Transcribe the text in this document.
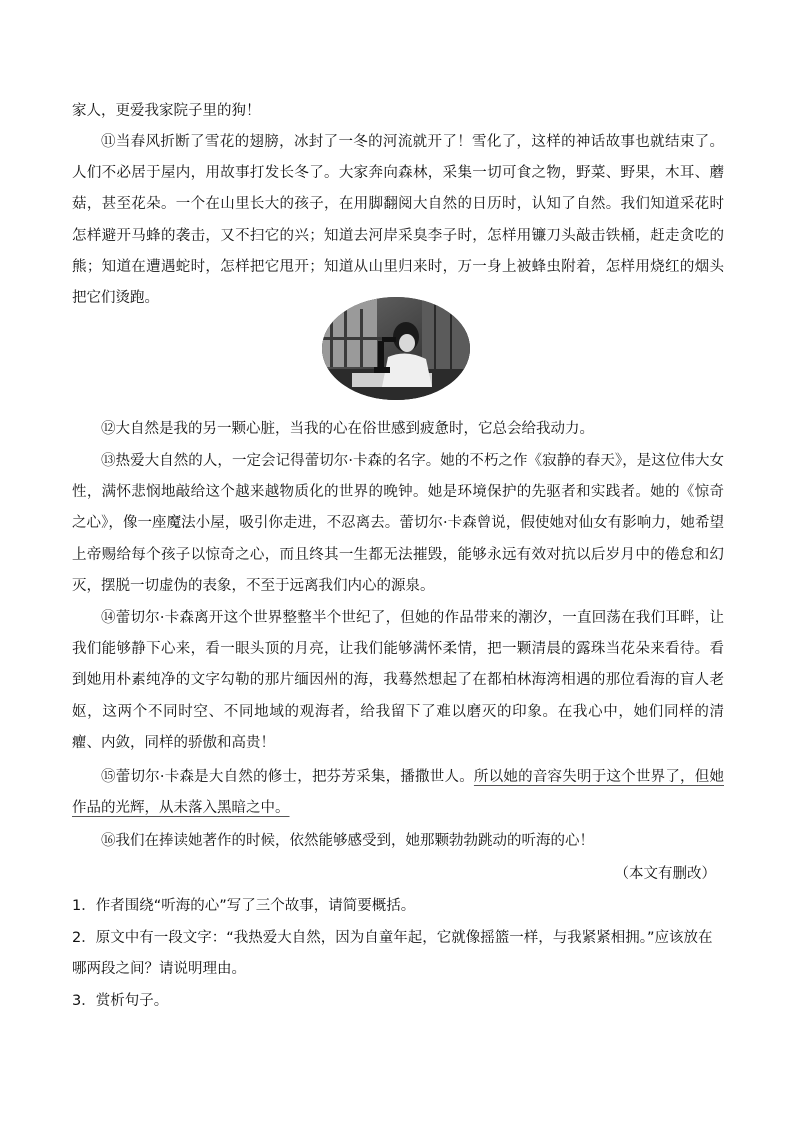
家人，更爱我家院子里的狗！

⑪当春风折断了雪花的翅膀，冰封了一冬的河流就开了！雪化了，这样的神话故事也就结束了。人们不必居于屋内，用故事打发长冬了。大家奔向森林，采集一切可食之物，野菜、野果，木耳、蘑菇，甚至花朵。一个在山里长大的孩子，在用脚翻阅大自然的日历时，认知了自然。我们知道采花时怎样避开马蜂的袭击，又不扫它的兴；知道去河岸采臭李子时，怎样用镰刀头敲击铁桶，赶走贪吃的熊；知道在遭遇蛇时，怎样把它甩开；知道从山里归来时，万一身上被蜂虫附着，怎样用烧红的烟头把它们烫跑。

⑫大自然是我的另一颗心脏，当我的心在俗世感到疲惫时，它总会给我动力。

⑬热爱大自然的人，一定会记得蕾切尔·卡森的名字。她的不朽之作《寂静的春天》，是这位伟大女性，满怀悲悯地敲给这个越来越物质化的世界的晚钟。她是环境保护的先驱者和实践者。她的《惊奇之心》，像一座魔法小屋，吸引你走进，不忍离去。蕾切尔·卡森曾说，假使她对仙女有影响力，她希望上帝赐给每个孩子以惊奇之心，而且终其一生都无法摧毁，能够永远有效对抗以后岁月中的倦怠和幻灭，摆脱一切虚伪的表象，不至于远离我们内心的源泉。

⑭蕾切尔·卡森离开这个世界整整半个世纪了，但她的作品带来的潮汐，一直回荡在我们耳畔，让我们能够静下心来，看一眼头顶的月亮，让我们能够满怀柔情，把一颗清晨的露珠当花朵来看待。看到她用朴素纯净的文字勾勒的那片缅因州的海，我蓦然想起了在都柏林海湾相遇的那位看海的盲人老妪，这两个不同时空、不同地域的观海者，给我留下了难以磨灭的印象。在我心中，她们同样的清癯、内敛，同样的骄傲和高贵！

⑮蕾切尔·卡森是大自然的修士，把芬芳采集，播撒世人。所以她的音容失明于这个世界了，但她作品的光辉，从未落入黑暗之中。

⑯我们在捧读她著作的时候，依然能够感受到，她那颗勃勃跳动的听海的心！

（本文有删改）

1．作者围绕“听海的心”写了三个故事，请简要概括。

2．原文中有一段文字：“我热爱大自然，因为自童年起，它就像摇篮一样，与我紧紧相拥。”应该放在哪两段之间？请说明理由。

3．赏析句子。
